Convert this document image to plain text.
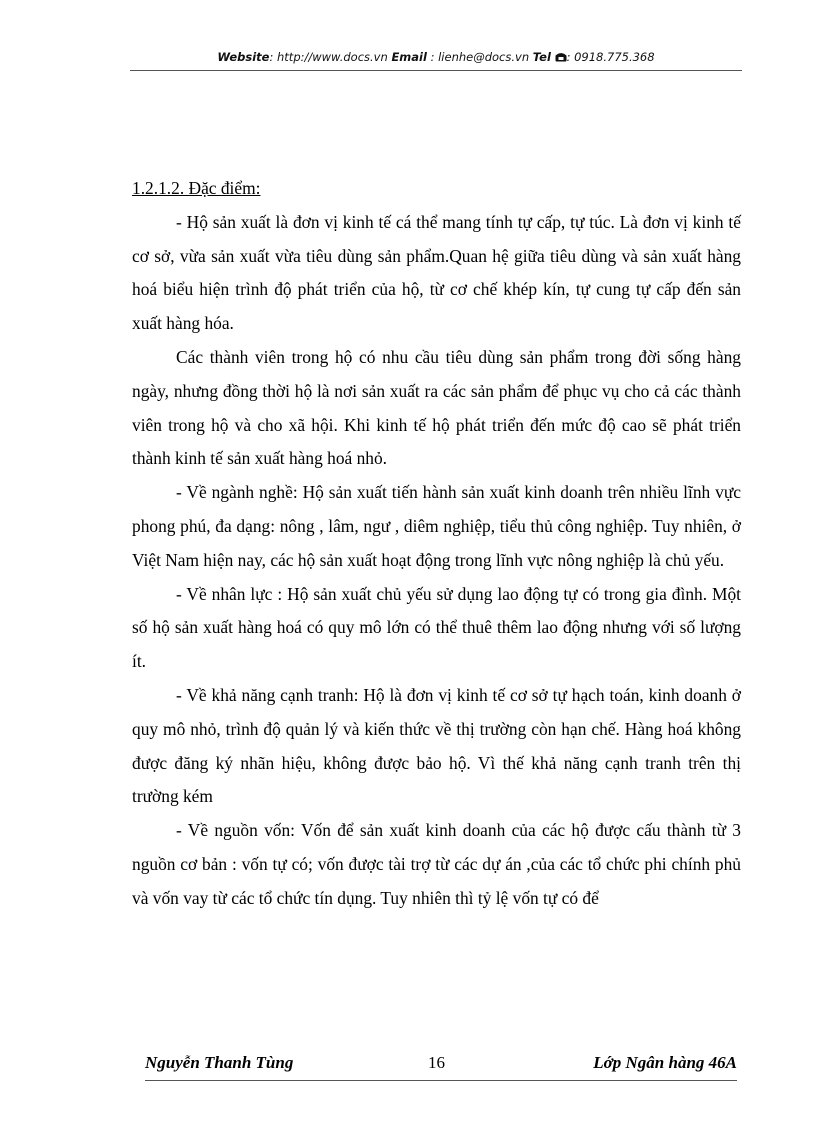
Website: http://www.docs.vn Email : lienhe@docs.vn Tel : 0918.775.368

1.2.1.2. Đặc điểm:

- Hộ sản xuất là đơn vị kinh tế cá thể mang tính tự cấp, tự túc. Là đơn vị kinh tế cơ sở, vừa sản xuất vừa tiêu dùng sản phẩm.Quan hệ giữa tiêu dùng và sản xuất hàng hoá biểu hiện trình độ phát triển của hộ, từ cơ chế khép kín, tự cung tự cấp đến sản xuất hàng hóa.

Các thành viên trong hộ có nhu cầu tiêu dùng sản phẩm trong đời sống hàng ngày, nhưng đồng thời hộ là nơi sản xuất ra các sản phẩm để phục vụ cho cả các thành viên trong hộ và cho xã hội. Khi kinh tế hộ phát triển đến mức độ cao sẽ phát triển thành kinh tế sản xuất hàng hoá nhỏ.

- Về ngành nghề: Hộ sản xuất tiến hành sản xuất kinh doanh trên nhiều lĩnh vực phong phú, đa dạng: nông , lâm, ngư , diêm nghiệp, tiểu thủ công nghiệp. Tuy nhiên, ở Việt Nam hiện nay, các hộ sản xuất hoạt động trong lĩnh vực nông nghiệp là chủ yếu.

- Về nhân lực : Hộ sản xuất chủ yếu sử dụng lao động tự có trong gia đình. Một số hộ sản xuất hàng hoá có quy mô lớn có thể thuê thêm lao động nhưng với số lượng ít.

- Về khả năng cạnh tranh: Hộ là đơn vị kinh tế cơ sở tự hạch toán, kinh doanh ở quy mô nhỏ, trình độ quản lý và kiến thức về thị trường còn hạn chế. Hàng hoá không được đăng ký nhãn hiệu, không được bảo hộ. Vì thế khả năng cạnh tranh trên thị trường kém

- Về nguồn vốn: Vốn để sản xuất kinh doanh của các hộ được cấu thành từ 3 nguồn cơ bản : vốn tự có; vốn được tài trợ từ các dự án ,của các tổ chức phi chính phủ và vốn vay từ các tổ chức tín dụng. Tuy nhiên thì tỷ lệ vốn tự có để

Nguyễn Thanh Tùng	16	Lớp Ngân hàng 46A
